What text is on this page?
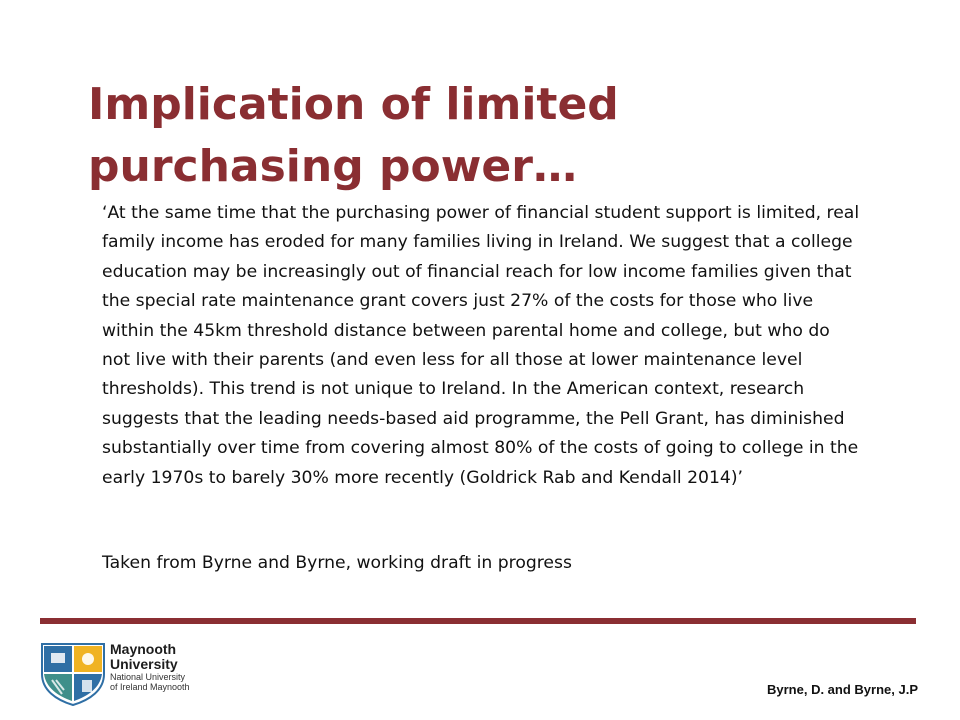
Implication of limited purchasing power…

‘At the same time that the purchasing power of financial student support is limited, real family income has eroded for many families living in Ireland. We suggest that a college education may be increasingly out of financial reach for low income families given that the special rate maintenance grant covers just 27% of the costs for those who live within the 45km threshold distance between parental home and college, but who do not live with their parents (and even less for all those at lower maintenance level thresholds). This trend is not unique to Ireland. In the American context, research suggests that the leading needs-based aid programme, the Pell Grant, has diminished substantially over time from covering almost 80% of the costs of going to college in the early 1970s to barely 30% more recently (Goldrick Rab and Kendall 2014)’

Taken from Byrne and Byrne, working draft in progress

Maynooth
University
National University
of Ireland Maynooth	Byrne, D. and Byrne, J.P
